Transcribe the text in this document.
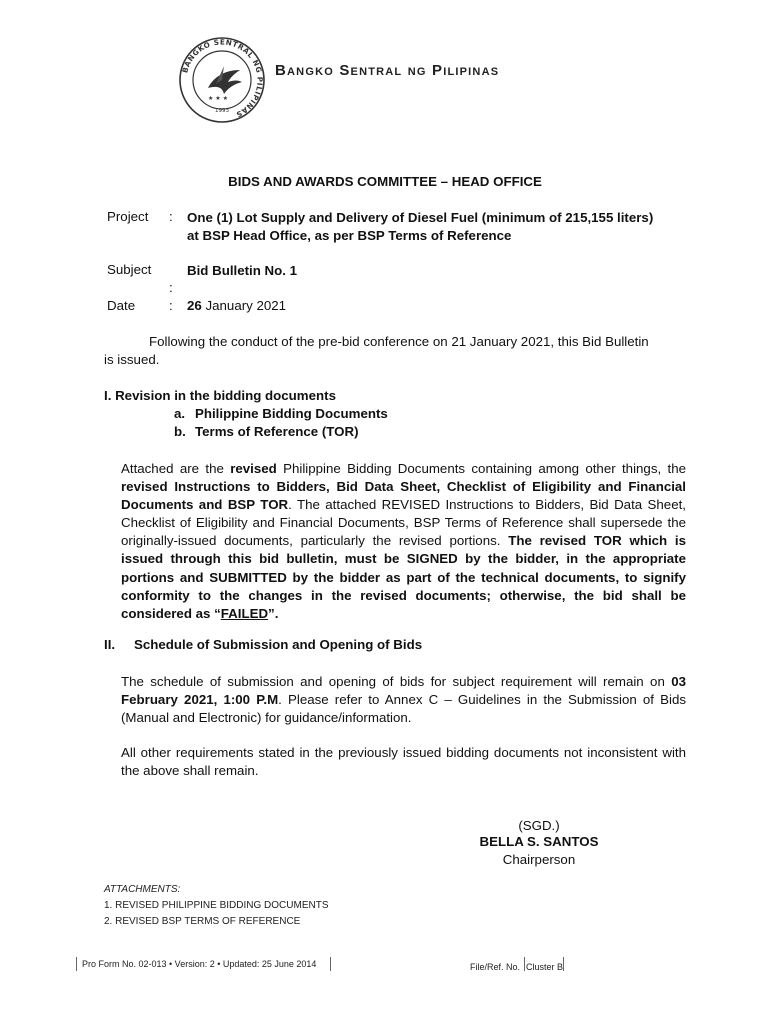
BANGKO SENTRAL NG PILIPINAS
★ ★ ★
1993
Bangko Sentral ng Pilipinas
BIDS AND AWARDS COMMITTEE – HEAD OFFICE
Project : One (1) Lot Supply and Delivery of Diesel Fuel (minimum of 215,155 liters)
at BSP Head Office, as per BSP Terms of Reference
Subject
:
Bid Bulletin No. 1
Date	: 26 January 2021
Following the conduct of the pre-bid conference on 21 January 2021, this Bid Bulletin
is issued.
I. Revision in the bidding documents
a. Philippine Bidding Documents
b. Terms of Reference (TOR)
Attached are the revised Philippine Bidding Documents containing among other things, the revised Instructions to Bidders, Bid Data Sheet, Checklist of Eligibility and Financial Documents and BSP TOR. The attached REVISED Instructions to Bidders, Bid Data Sheet, Checklist of Eligibility and Financial Documents, BSP Terms of Reference shall supersede the originally-issued documents, particularly the revised portions. The revised TOR which is issued through this bid bulletin, must be SIGNED by the bidder, in the appropriate portions and SUBMITTED by the bidder as part of the technical documents, to signify conformity to the changes in the revised documents; otherwise, the bid shall be considered as “FAILED”.
II. Schedule of Submission and Opening of Bids
The schedule of submission and opening of bids for subject requirement will remain on 03 February 2021, 1:00 P.M. Please refer to Annex C – Guidelines in the Submission of Bids (Manual and Electronic) for guidance/information.
All other requirements stated in the previously issued bidding documents not inconsistent with the above shall remain.
(SGD.)
BELLA S. SANTOS
Chairperson
ATTACHMENTS:
1. REVISED PHILIPPINE BIDDING DOCUMENTS
2. REVISED BSP TERMS OF REFERENCE
Pro Form No. 02-013 • Version: 2 • Updated: 25 June 2014	File/Ref. No. Cluster B
